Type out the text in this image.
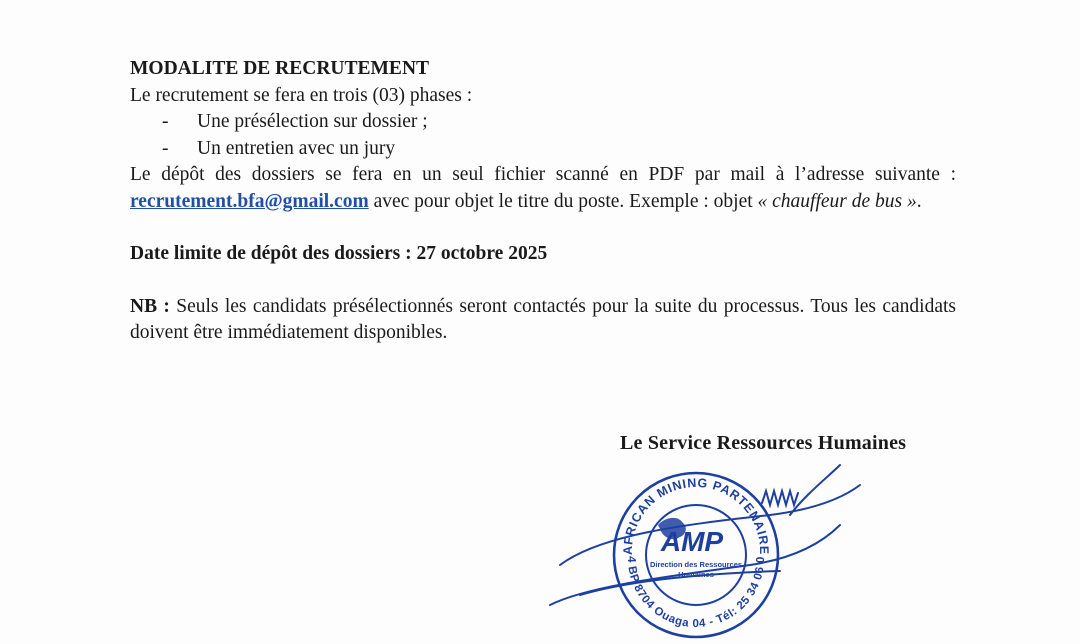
MODALITE DE RECRUTEMENT

Le recrutement se fera en trois (03) phases :

- Une présélection sur dossier ;
- Un entretien avec un jury

Le dépôt des dossiers se fera en un seul fichier scanné en PDF par mail à l’adresse suivante : recrutement.bfa@gmail.com avec pour objet le titre du poste. Exemple : objet « chauffeur de bus ».

Date limite de dépôt des dossiers : 27 octobre 2025

NB : Seuls les candidats présélectionnés seront contactés pour la suite du processus. Tous les candidats doivent être immédiatement disponibles.

Le Service Ressources Humaines
AFRICAN MINING PARTENAIRE
4 BP 8704 Ouaga 04 - Tél: 25 34 06 0
AMP
Direction des Ressources
Humaines
